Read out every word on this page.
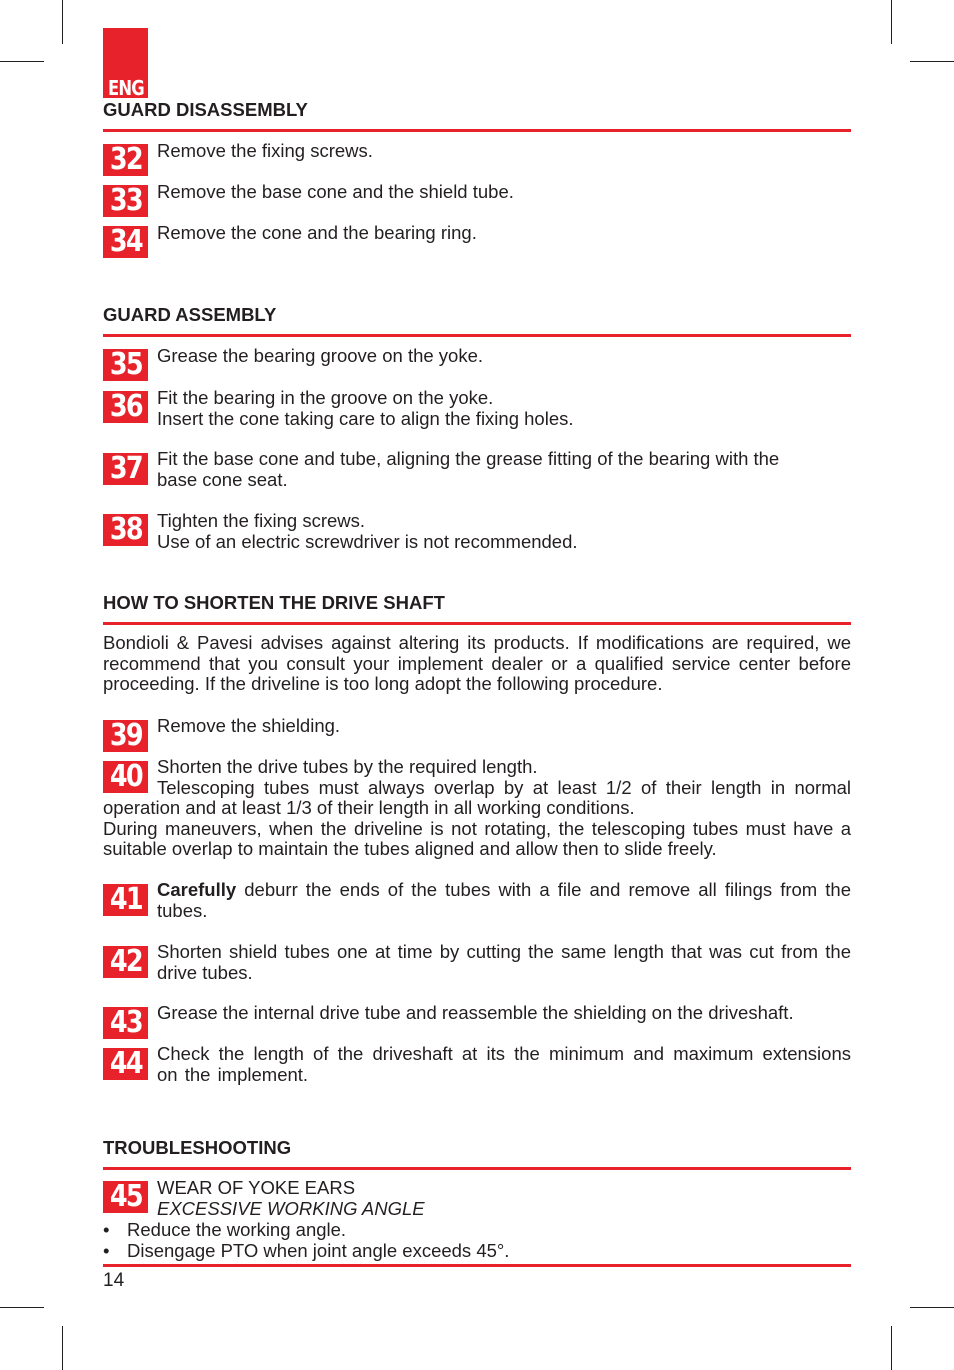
ENG
GUARD DISASSEMBLY
32 Remove the fixing screws.
33 Remove the base cone and the shield tube.
34 Remove the cone and the bearing ring.
GUARD ASSEMBLY
35 Grease the bearing groove on the yoke.
36 Fit the bearing in the groove on the yoke.
Insert the cone taking care to align the fixing holes.
37 Fit the base cone and tube, aligning the grease fitting of the bearing with the
base cone seat.
38 Tighten the fixing screws.
Use of an electric screwdriver is not recommended.
HOW TO SHORTEN THE DRIVE SHAFT
Bondioli & Pavesi advises against altering its products. If modifications are required, we recommend that you consult your implement dealer or a qualified service center before proceeding. If the driveline is too long adopt the following procedure.
39 Remove the shielding.
40 Shorten the drive tubes by the required length.
Telescoping tubes must always overlap by at least 1/2 of their length in normal operation and at least 1/3 of their length in all working conditions.
During maneuvers, when the driveline is not rotating, the telescoping tubes must have a suitable overlap to maintain the tubes aligned and allow then to slide freely.
41 Carefully deburr the ends of the tubes with a file and remove all filings from the tubes.
42 Shorten shield tubes one at time by cutting the same length that was cut from the drive tubes.
43 Grease the internal drive tube and reassemble the shielding on the driveshaft.
44 Check the length of the driveshaft at its the minimum and maximum extensions on the implement.
TROUBLESHOOTING
45 WEAR OF YOKE EARS
EXCESSIVE WORKING ANGLE
• Reduce the working angle.
• Disengage PTO when joint angle exceeds 45°.
14
